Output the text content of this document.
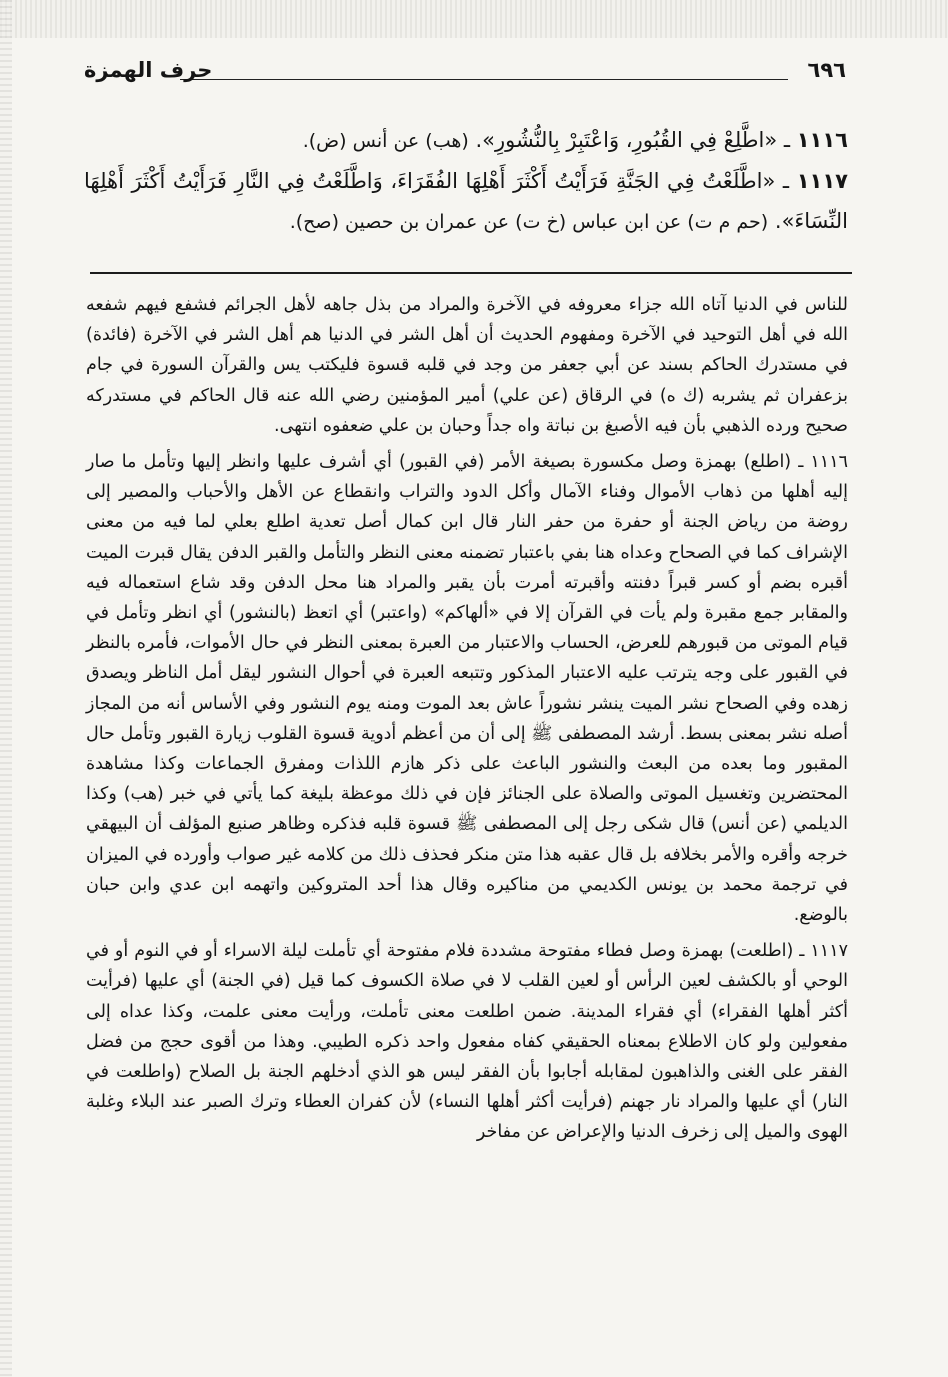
٦٩٦
حرف الهمزة

١١١٦ ـ «اطَّلِعْ فِي القُبُورِ، وَاعْتَبِرْ بِالنُّشُورِ». (هب) عن أنس (ض).

١١١٧ ـ «اطَّلَعْتُ فِي الجَنَّةِ فَرَأَيْتُ أَكْثَرَ أَهْلِهَا الفُقَرَاءَ، وَاطَّلَعْتُ فِي النَّارِ فَرَأَيْتُ أَكْثَرَ أَهْلِهَا النِّسَاءَ». (حم م ت) عن ابن عباس (خ ت) عن عمران بن حصين (صح).

للناس في الدنيا آتاه الله جزاء معروفه في الآخرة والمراد من بذل جاهه لأهل الجرائم فشفع فيهم شفعه الله في أهل التوحيد في الآخرة ومفهوم الحديث أن أهل الشر في الدنيا هم أهل الشر في الآخرة (فائدة) في مستدرك الحاكم بسند عن أبي جعفر من وجد في قلبه قسوة فليكتب يس والقرآن السورة في جام بزعفران ثم يشربه (ك ه) في الرقاق (عن علي) أمير المؤمنين رضي الله عنه قال الحاكم في مستدركه صحيح ورده الذهبي بأن فيه الأصبغ بن نباتة واه جداً وحبان بن علي ضعفوه انتهى.

١١١٦ ـ (اطلع) بهمزة وصل مكسورة بصيغة الأمر (في القبور) أي أشرف عليها وانظر إليها وتأمل ما صار إليه أهلها من ذهاب الأموال وفناء الآمال وأكل الدود والتراب وانقطاع عن الأهل والأحباب والمصير إلى روضة من رياض الجنة أو حفرة من حفر النار قال ابن كمال أصل تعدية اطلع بعلي لما فيه من معنى الإشراف كما في الصحاح وعداه هنا بفي باعتبار تضمنه معنى النظر والتأمل والقبر الدفن يقال قبرت الميت أقبره بضم أو كسر قبراً دفنته وأقبرته أمرت بأن يقبر والمراد هنا محل الدفن وقد شاع استعماله فيه والمقابر جمع مقبرة ولم يأت في القرآن إلا في «ألهاكم» (واعتبر) أي اتعظ (بالنشور) أي انظر وتأمل في قيام الموتى من قبورهم للعرض، الحساب والاعتبار من العبرة بمعنى النظر في حال الأموات، فأمره بالنظر في القبور على وجه يترتب عليه الاعتبار المذكور وتتبعه العبرة في أحوال النشور ليقل أمل الناظر ويصدق زهده وفي الصحاح نشر الميت ينشر نشوراً عاش بعد الموت ومنه يوم النشور وفي الأساس أنه من المجاز أصله نشر بمعنى بسط. أرشد المصطفى ﷺ إلى أن من أعظم أدوية قسوة القلوب زيارة القبور وتأمل حال المقبور وما بعده من البعث والنشور الباعث على ذكر هازم اللذات ومفرق الجماعات وكذا مشاهدة المحتضرين وتغسيل الموتى والصلاة على الجنائز فإن في ذلك موعظة بليغة كما يأتي في خبر (هب) وكذا الديلمي (عن أنس) قال شكى رجل إلى المصطفى ﷺ قسوة قلبه فذكره وظاهر صنيع المؤلف أن البيهقي خرجه وأقره والأمر بخلافه بل قال عقبه هذا متن منكر فحذف ذلك من كلامه غير صواب وأورده في الميزان في ترجمة محمد بن يونس الكديمي من مناكيره وقال هذا أحد المتروكين واتهمه ابن عدي وابن حبان بالوضع.

١١١٧ ـ (اطلعت) بهمزة وصل فطاء مفتوحة مشددة فلام مفتوحة أي تأملت ليلة الاسراء أو في النوم أو في الوحي أو بالكشف لعين الرأس أو لعين القلب لا في صلاة الكسوف كما قيل (في الجنة) أي عليها (فرأيت أكثر أهلها الفقراء) أي فقراء المدينة. ضمن اطلعت معنى تأملت، ورأيت معنى علمت، وكذا عداه إلى مفعولين ولو كان الاطلاع بمعناه الحقيقي كفاه مفعول واحد ذكره الطيبي. وهذا من أقوى حجج من فضل الفقر على الغنى والذاهبون لمقابله أجابوا بأن الفقر ليس هو الذي أدخلهم الجنة بل الصلاح (واطلعت في النار) أي عليها والمراد نار جهنم (فرأيت أكثر أهلها النساء) لأن كفران العطاء وترك الصبر عند البلاء وغلبة الهوى والميل إلى زخرف الدنيا والإعراض عن مفاخر
